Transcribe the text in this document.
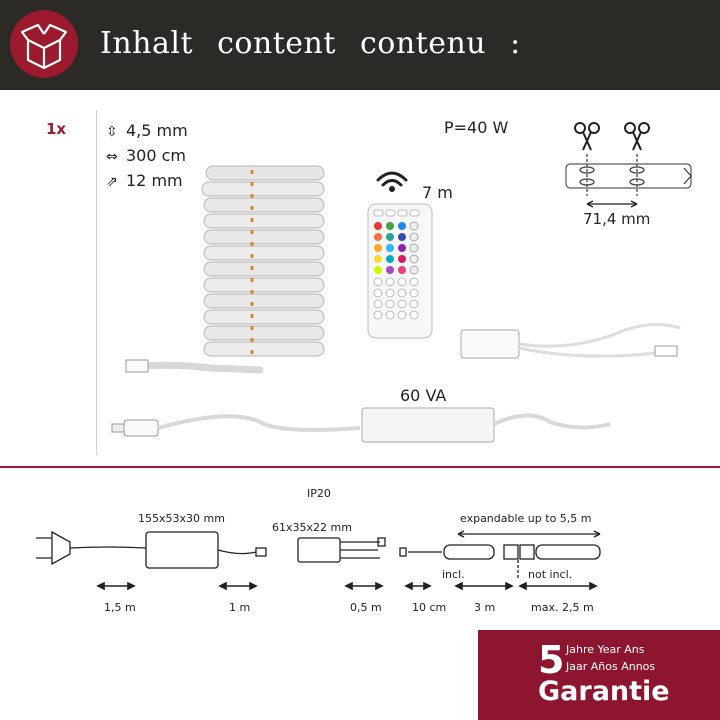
Inhalt content contenu :
1x	⇳ 4,5 mm
⇔ 300 cm
⇗ 12 mm
P=40 W
7 m
71,4 mm
60 VA
IP20
155x53x30 mm
61x35x22 mm
expandable up to 5,5 m
incl.	not incl.
1,5 m	1 m	0,5 m	10 cm	3 m	max. 2,5 m
5 Jahre Year Ans
Jaar Años Annos
Garantie
